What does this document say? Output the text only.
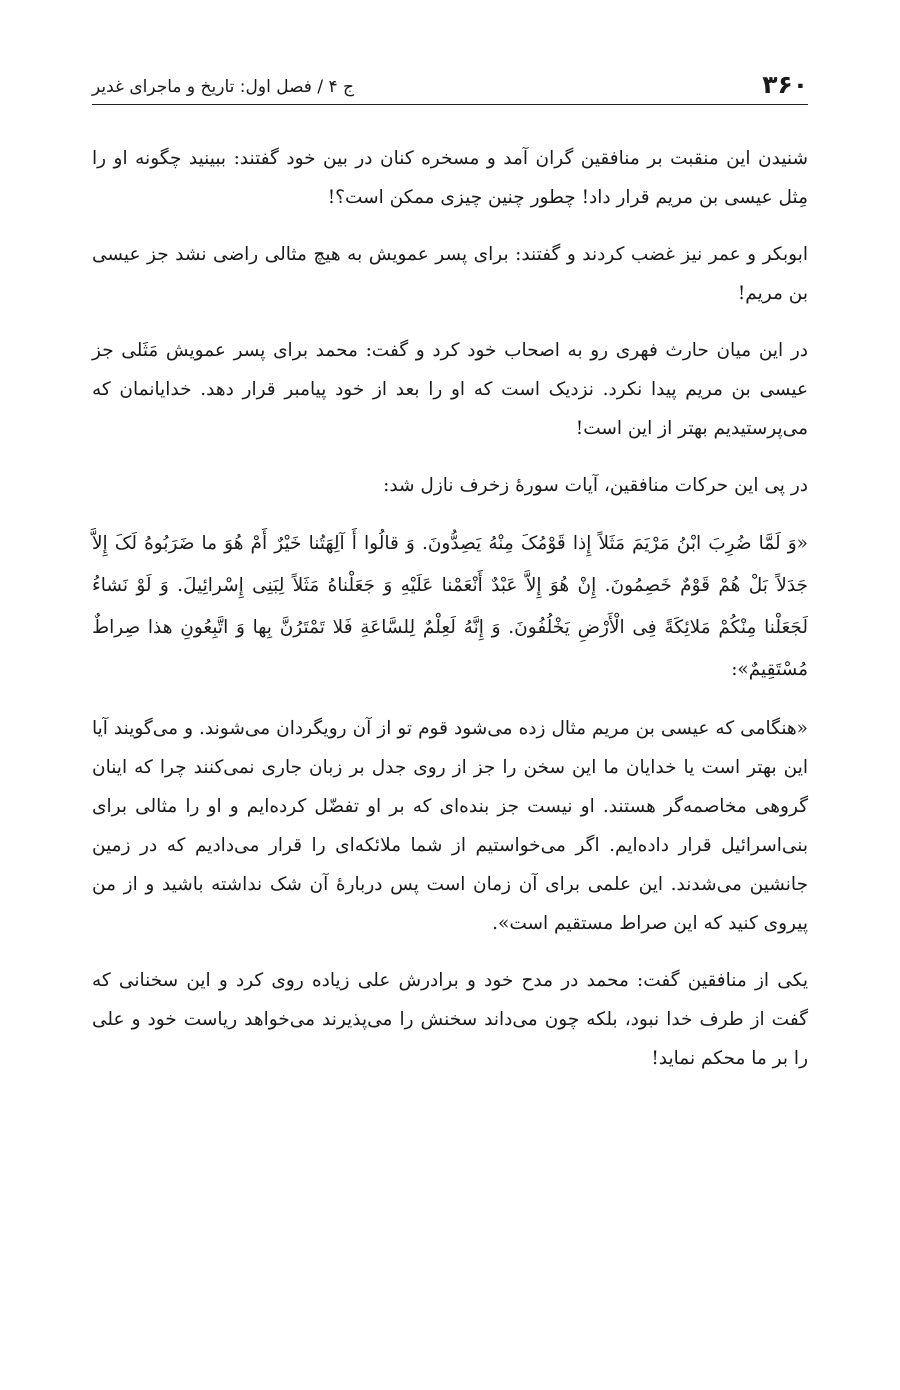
۳۶۰
ج ۴ / فصل اول: تاریخ و ماجرای غدیر

شنیدن این منقبت بر منافقین گران آمد و مسخره کنان در بین خود گفتند: ببینید چگونه او را مِثل عیسی بن مریم قرار داد! چطور چنین چیزی ممکن است؟!

ابوبکر و عمر نیز غضب کردند و گفتند: برای پسر عمویش به هیچ مثالی راضی نشد جز عیسی بن مریم!

در این میان حارث فهری رو به اصحاب خود کرد و گفت: محمد برای پسر عمویش مَثَلی جز عیسی بن مریم پیدا نکرد. نزدیک است که او را بعد از خود پیامبر قرار دهد. خدایانمان که می‌پرستیدیم بهتر از این است!

در پی این حرکات منافقین، آیات سورهٔ زخرف نازل شد:

«وَ لَمَّا ضُرِبَ ابْنُ مَرْیَمَ مَثَلاً إِذا قَوْمُکَ مِنْهُ یَصِدُّونَ. وَ قالُوا أَ آلِهَتُنا خَیْرٌ أَمْ هُوَ ما ضَرَبُوهُ لَکَ إِلاَّ جَدَلاً بَلْ هُمْ قَوْمٌ خَصِمُونَ. إِنْ هُوَ إِلاَّ عَبْدٌ أَنْعَمْنا عَلَیْهِ وَ جَعَلْناهُ مَثَلاً لِبَنِی إِسْرائِیلَ. وَ لَوْ نَشاءُ لَجَعَلْنا مِنْکُمْ مَلائِکَةً فِی الْأَرْضِ یَخْلُفُونَ. وَ إِنَّهُ لَعِلْمٌ لِلسَّاعَةِ فَلا تَمْتَرُنَّ بِها وَ اتَّبِعُونِ هذا صِراطٌ مُسْتَقِیمٌ»:

«هنگامی که عیسی بن مریم مثال زده می‌شود قوم تو از آن رویگردان می‌شوند. و می‌گویند آیا این بهتر است یا خدایان ما این سخن را جز از روی جدل بر زبان جاری نمی‌کنند چرا که اینان گروهی مخاصمه‌گر هستند. او نیست جز بنده‌ای که بر او تفضّل کرده‌ایم و او را مثالی برای بنی‌اسرائیل قرار داده‌ایم. اگر می‌خواستیم از شما ملائکه‌ای را قرار می‌دادیم که در زمین جانشین می‌شدند. این علمی برای آن زمان است پس دربارهٔ آن شک نداشته باشید و از من پیروی کنید که این صراط مستقیم است».

یکی از منافقین گفت: محمد در مدح خود و برادرش علی زیاده روی کرد و این سخنانی که گفت از طرف خدا نبود، بلکه چون می‌داند سخنش را می‌پذیرند می‌خواهد ریاست خود و علی را بر ما محکم نماید!
